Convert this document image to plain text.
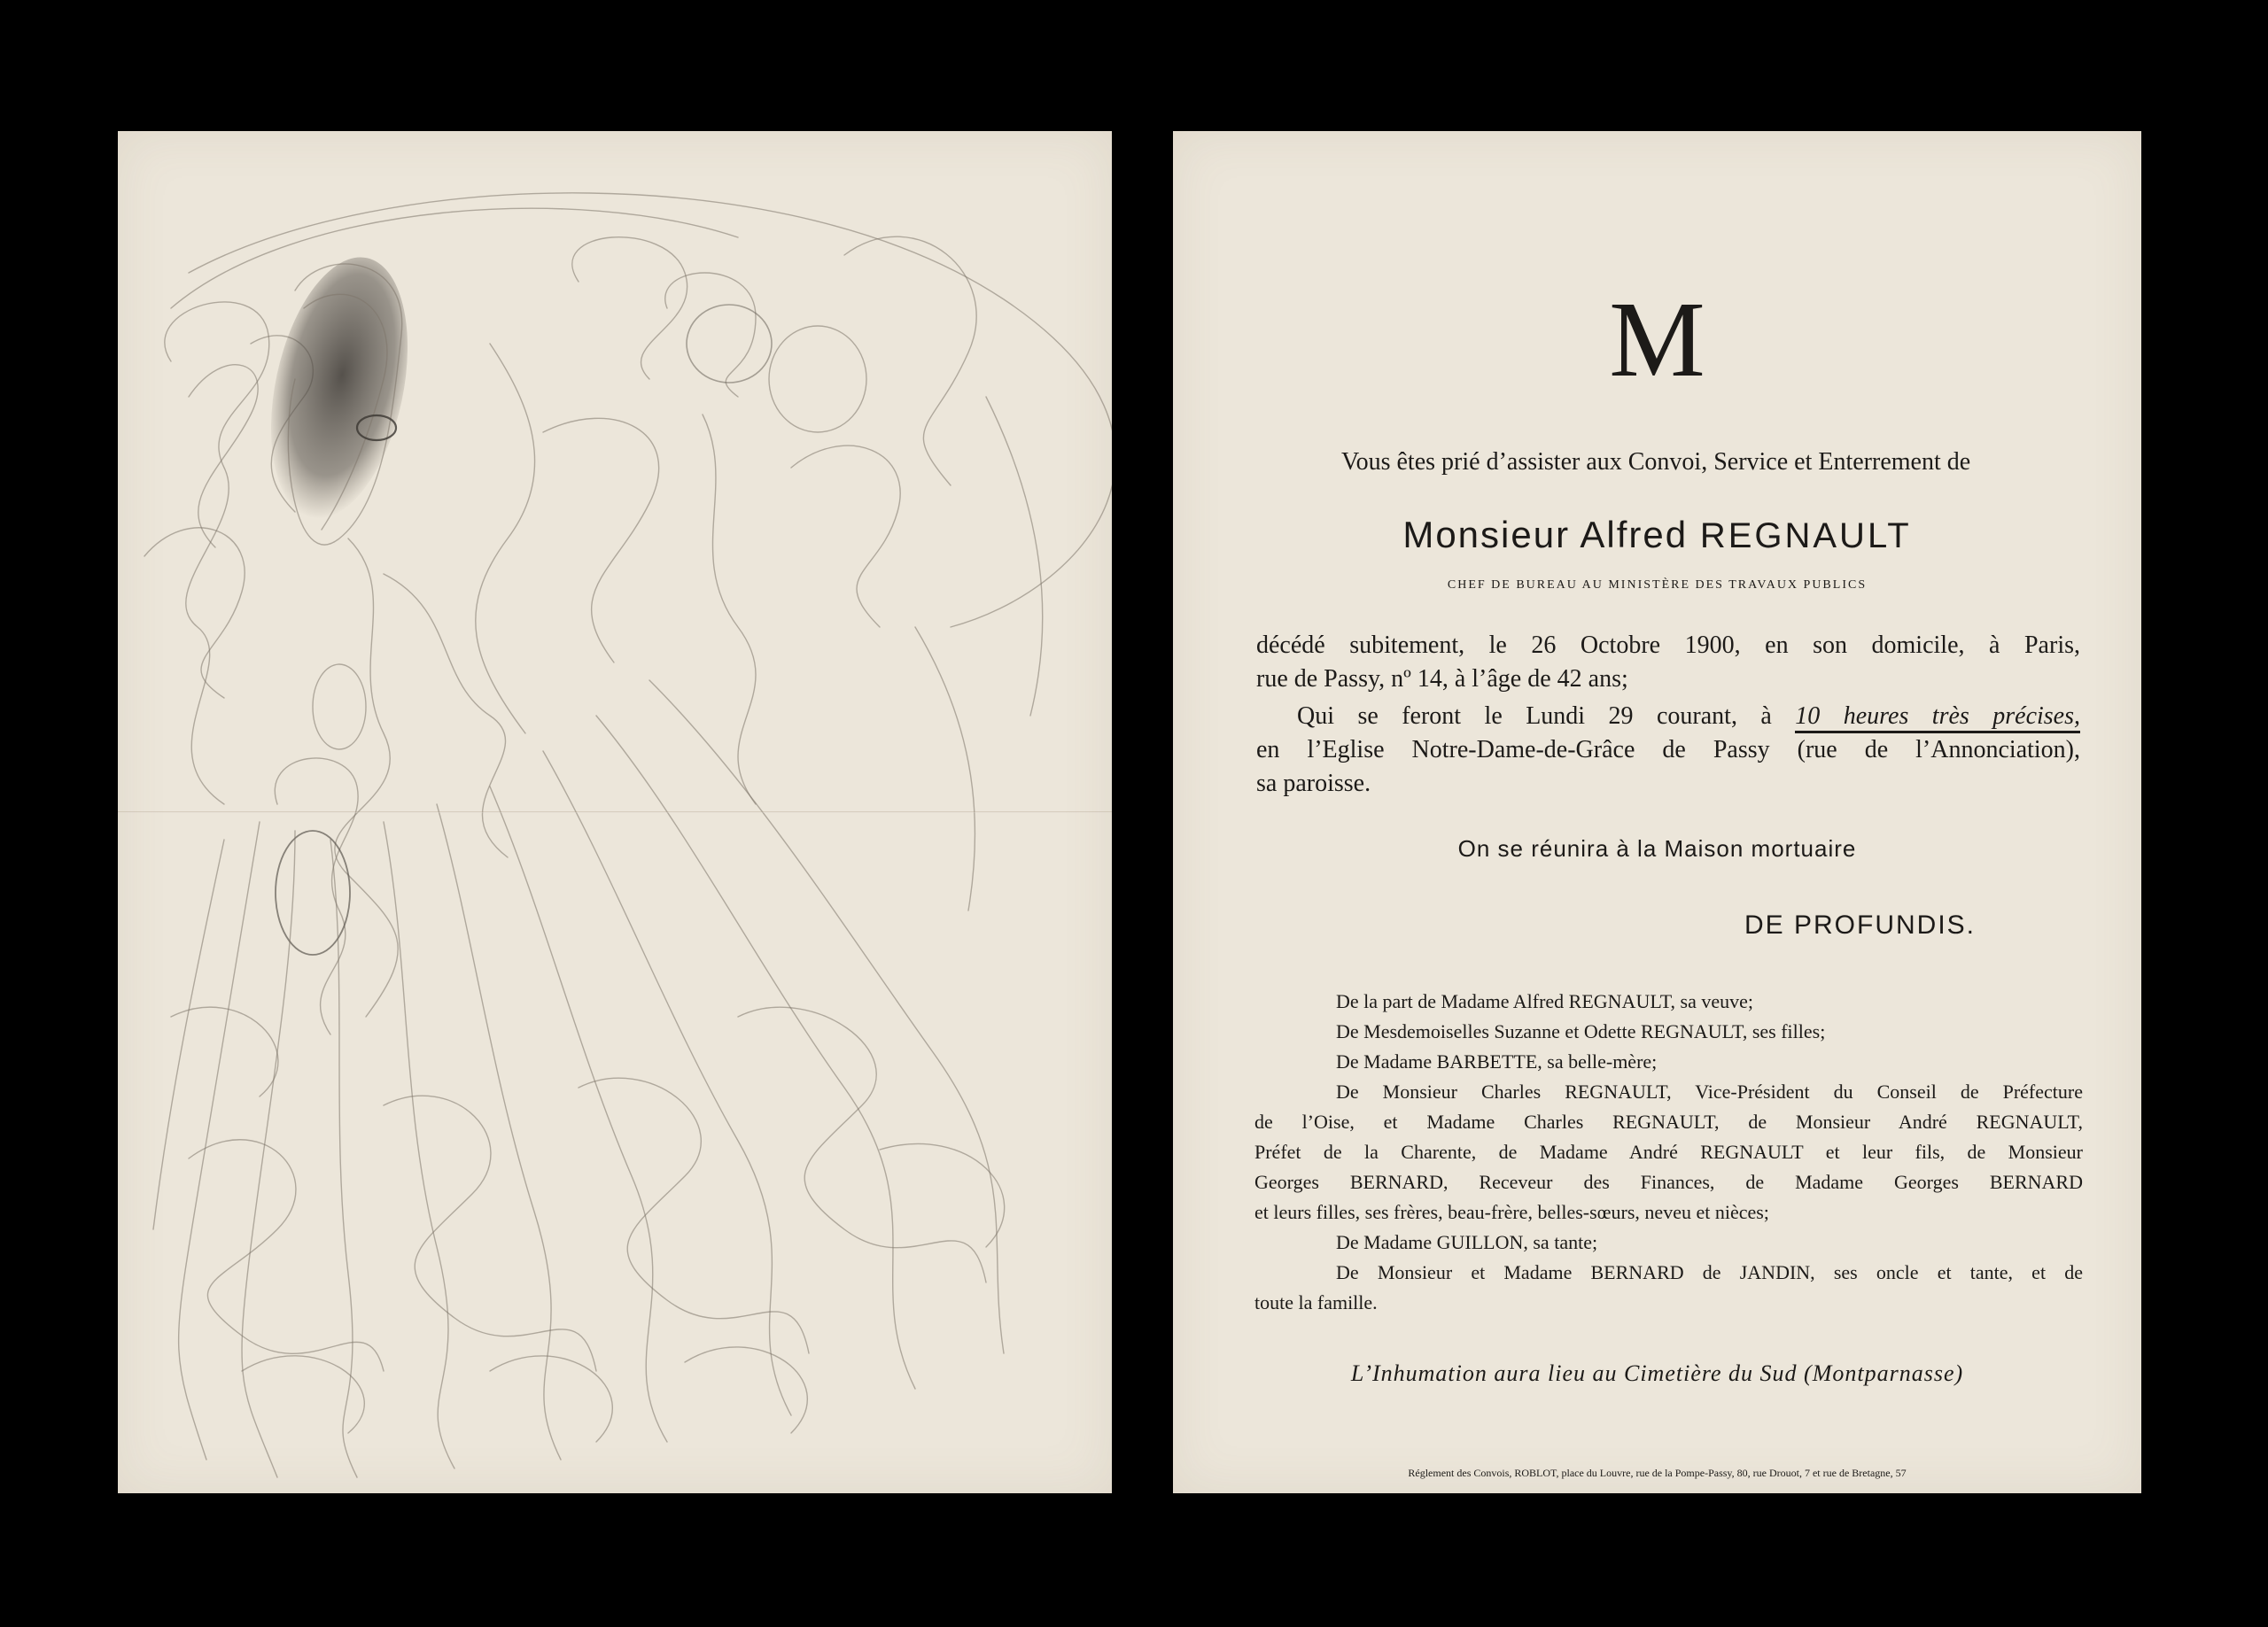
M
Vous êtes prié d’assister aux Convoi, Service et Enterrement de
Monsieur Alfred REGNAULT
CHEF DE BUREAU AU MINISTÈRE DES TRAVAUX PUBLICS
décédé subitement, le 26 Octobre 1900, en son domicile, à Paris,
rue de Passy, nº 14, à l’âge de 42 ans;
Qui se feront le Lundi 29 courant, à 10 heures très précises,
en l’Eglise Notre-Dame-de-Grâce de Passy (rue de l’Annonciation),
sa paroisse.
On se réunira à la Maison mortuaire
DE PROFUNDIS.
De la part de Madame Alfred REGNAULT, sa veuve;
De Mesdemoiselles Suzanne et Odette REGNAULT, ses filles;
De Madame BARBETTE, sa belle-mère;
De Monsieur Charles REGNAULT, Vice-Président du Conseil de Préfecture
de l’Oise, et Madame Charles REGNAULT, de Monsieur André REGNAULT,
Préfet de la Charente, de Madame André REGNAULT et leur fils, de Monsieur
Georges BERNARD, Receveur des Finances, de Madame Georges BERNARD
et leurs filles, ses frères, beau-frère, belles-sœurs, neveu et nièces;
De Madame GUILLON, sa tante;
De Monsieur et Madame BERNARD de JANDIN, ses oncle et tante, et de
toute la famille.
L’Inhumation aura lieu au Cimetière du Sud (Montparnasse)
Réglement des Convois, ROBLOT, place du Louvre, rue de la Pompe-Passy, 80, rue Drouot, 7 et rue de Bretagne, 57
